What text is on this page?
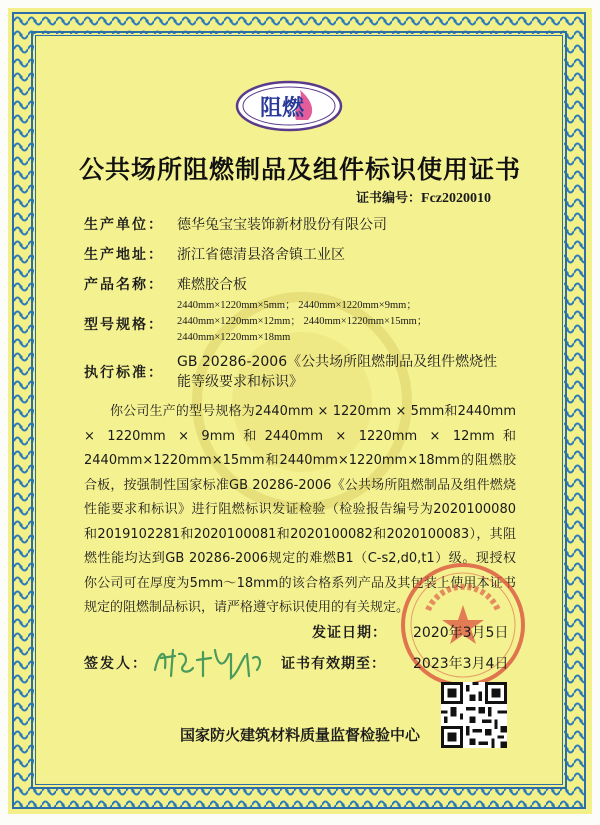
阻燃
公共场所阻燃制品及组件标识使用证书
证书编号：Fcz2020010
生产单位： 德华兔宝宝装饰新材股份有限公司
生产地址： 浙江省德清县洛舍镇工业区
产品名称： 难燃胶合板
型号规格：
2440mm×1220mm×5mm； 2440mm×1220mm×9mm；
2440mm×1220mm×12mm； 2440mm×1220mm×15mm；
2440mm×1220mm×18mm
执行标准：
GB 20286-2006《公共场所阻燃制品及组件燃烧性
能等级要求和标识》

你公司生产的型号规格为2440mm × 1220mm × 5mm和2440mm × 1220mm × 9mm和2440mm × 1220mm × 12mm和2440mm×1220mm×15mm和2440mm×1220mm×18mm的阻燃胶合板，按强制性国家标准GB 20286-2006《公共场所阻燃制品及组件燃烧性能要求和标识》进行阻燃标识发证检验（检验报告编号为2020100080和2019102281和2020100081和2020100082和2020100083），其阻燃性能均达到GB 20286-2006规定的难燃B1（C-s2,d0,t1）级。现授权你公司可在厚度为5mm～18mm的该合格系列产品及其包装上使用本证书规定的阻燃制品标识，请严格遵守标识使用的有关规定。

发证日期： 2020年3月5日
签发人：	证书有效期至： 2023年3月4日
国家防火建筑材料质量监督检验中心
